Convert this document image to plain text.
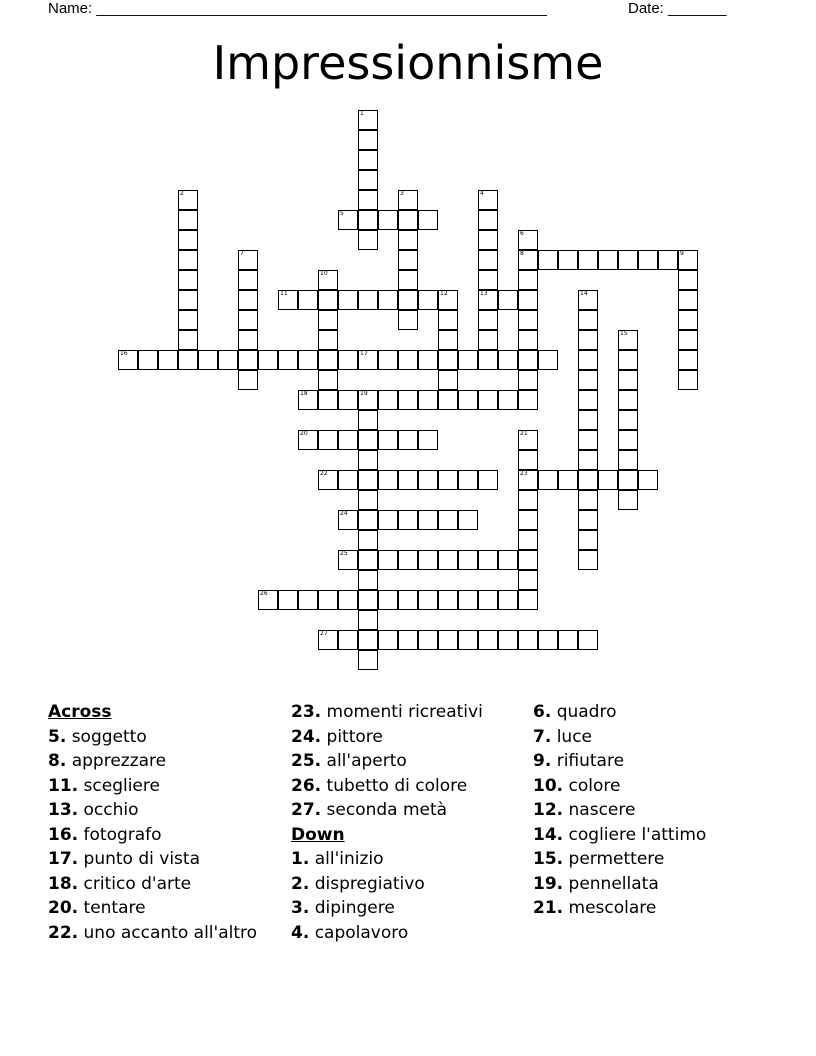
Name: ______________________________________________________	Date: _______
Impressionnisme
5
8	9
11	13
16	17
18	19
20
22	23
24
25
26
27
1
2	3	4
6
7
10
12	14
15
21
Across
5. soggetto
8. apprezzare
11. scegliere
13. occhio
16. fotografo
17. punto di vista
18. critico d'arte
20. tentare
22. uno accanto all'altro
23. momenti ricreativi
24. pittore
25. all'aperto
26. tubetto di colore
27. seconda metà
Down
1. all'inizio
2. dispregiativo
3. dipingere
4. capolavoro
6. quadro
7. luce
9. rifiutare
10. colore
12. nascere
14. cogliere l'attimo
15. permettere
19. pennellata
21. mescolare
